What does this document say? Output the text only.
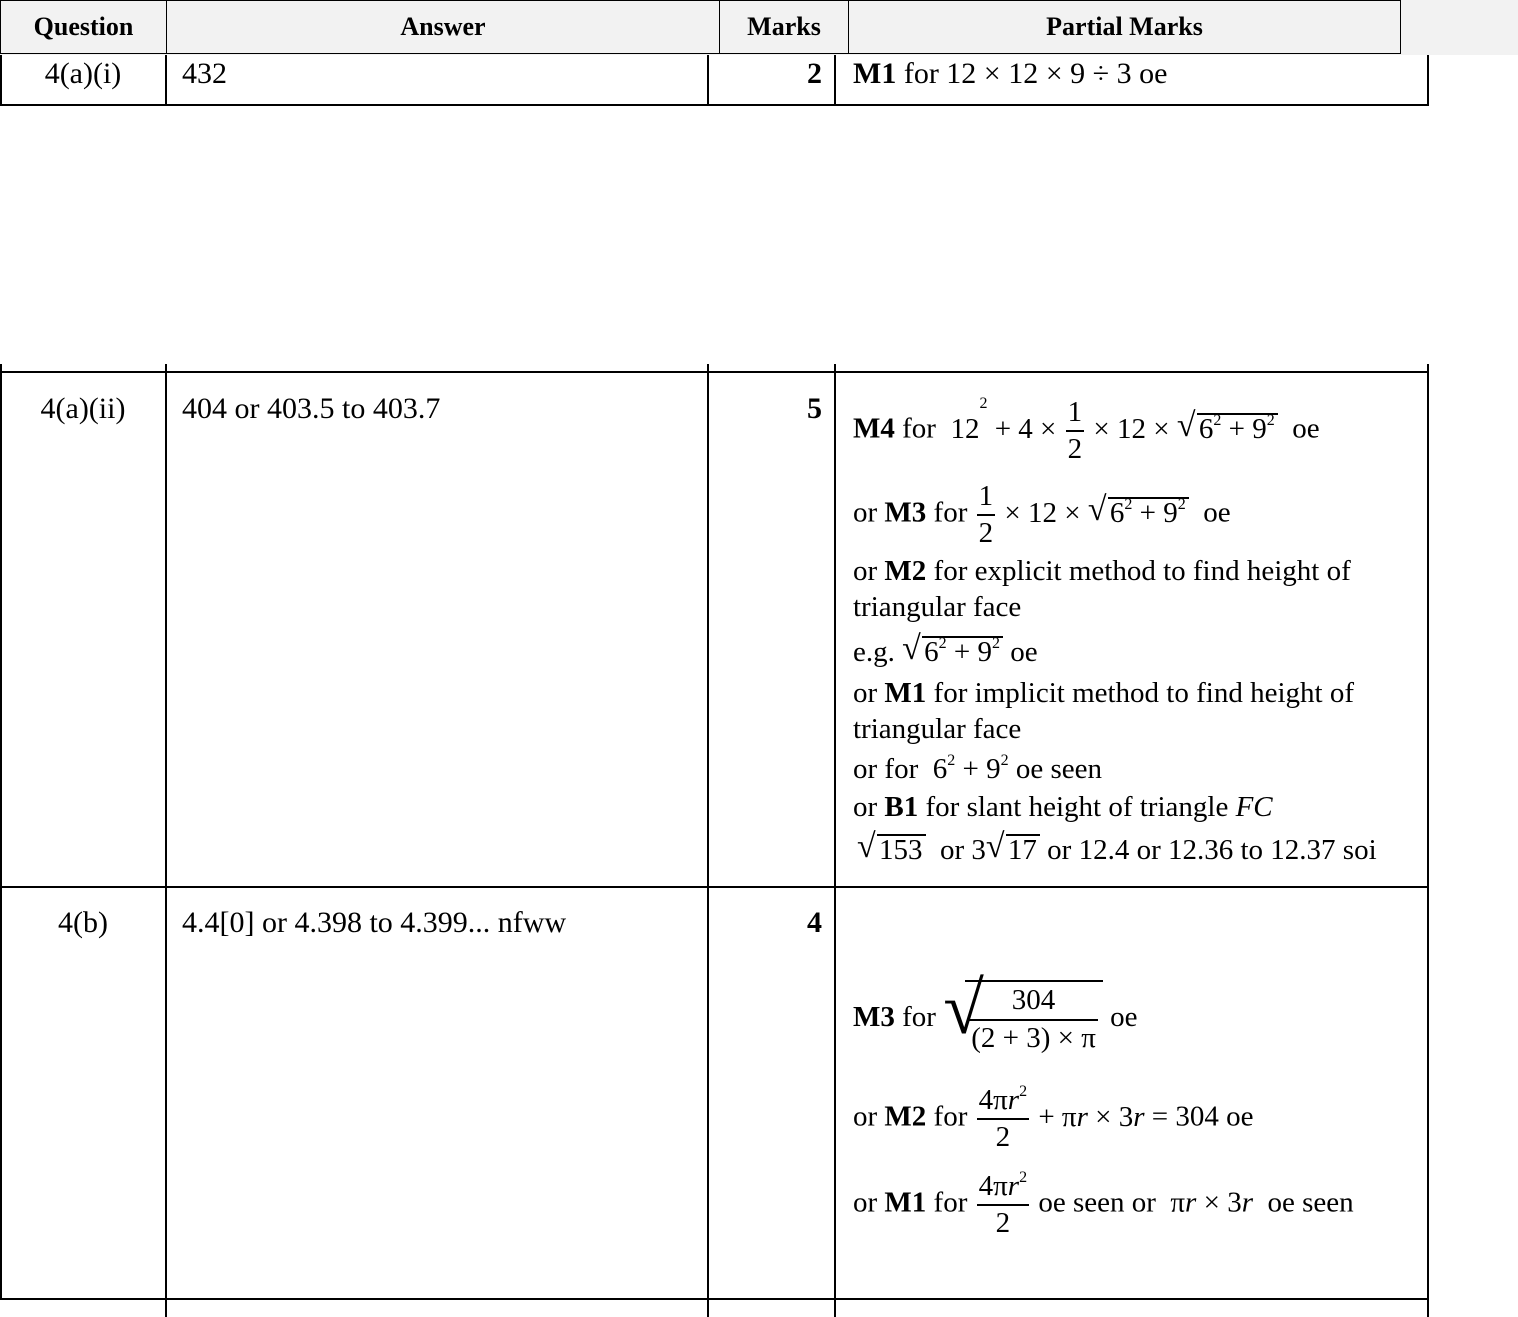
Question	Answer	Marks	Partial Marks
4(a)(i)	432	2 M1 for 12 × 12 × 9 ÷ 3 oe
4(a)(ii)	404 or 403.5 to 403.7	5
M4 for  $12^2 + 4 \times \frac{1}{2} \times 12$ × √ $6^2 + 9^2$ oe
or M3 for $\frac{1}{2} \times 12$ × √ $6^2 + 9^2$ oe
or M2 for explicit method to find height of
triangular face
e.g. √ $6^2 + 9^2$ oe
or M1 for implicit method to find height of
triangular face
or for  $6^2 + 9^2$ oe seen
or B1 for slant height of triangle FC
√ 153 or 3 √ 17 or 12.4 or 12.36 to 12.37 soi
4(b)	4.4[0] or 4.398 to 4.399... nfww	4
M3 for √
$\frac{304}{(2 + 3) \times \pi}$ oe
or M2 for $\frac{4\pi r^2}{2} + \pi r \times 3r = 304$ oe
or M1 for $\frac{4\pi r^2}{2}$ oe seen or  πr × 3r oe seen
